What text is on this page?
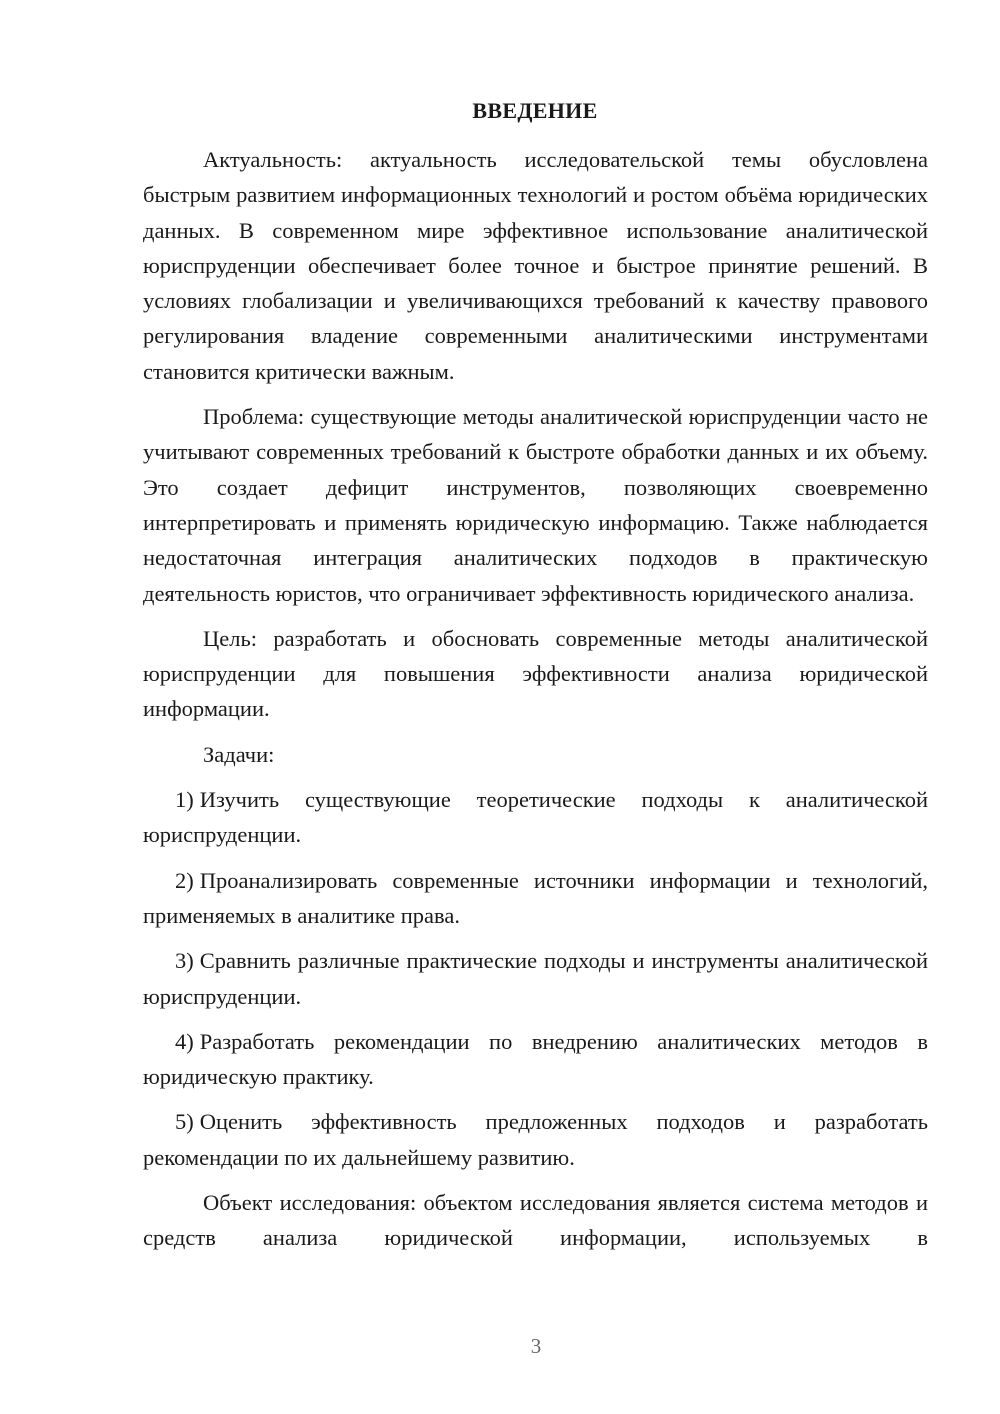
ВВЕДЕНИЕ

Актуальность: актуальность исследовательской темы обусловлена быстрым развитием информационных технологий и ростом объёма юридических данных. В современном мире эффективное использование аналитической юриспруденции обеспечивает более точное и быстрое принятие решений. В условиях глобализации и увеличивающихся требований к качеству правового регулирования владение современными аналитическими инструментами становится критически важным.

Проблема: существующие методы аналитической юриспруденции часто не учитывают современных требований к быстроте обработки данных и их объему. Это создает дефицит инструментов, позволяющих своевременно интерпретировать и применять юридическую информацию. Также наблюдается недостаточная интеграция аналитических подходов в практическую деятельность юристов, что ограничивает эффективность юридического анализа.

Цель: разработать и обосновать современные методы аналитической юриспруденции для повышения эффективности анализа юридической информации.

Задачи:

1) Изучить существующие теоретические подходы к аналитической юриспруденции.

2) Проанализировать современные источники информации и технологий, применяемых в аналитике права.

3) Сравнить различные практические подходы и инструменты аналитической юриспруденции.

4) Разработать рекомендации по внедрению аналитических методов в юридическую практику.

5) Оценить эффективность предложенных подходов и разработать рекомендации по их дальнейшему развитию.

Объект исследования: объектом исследования является система методов и средств анализа юридической информации, используемых в

3
